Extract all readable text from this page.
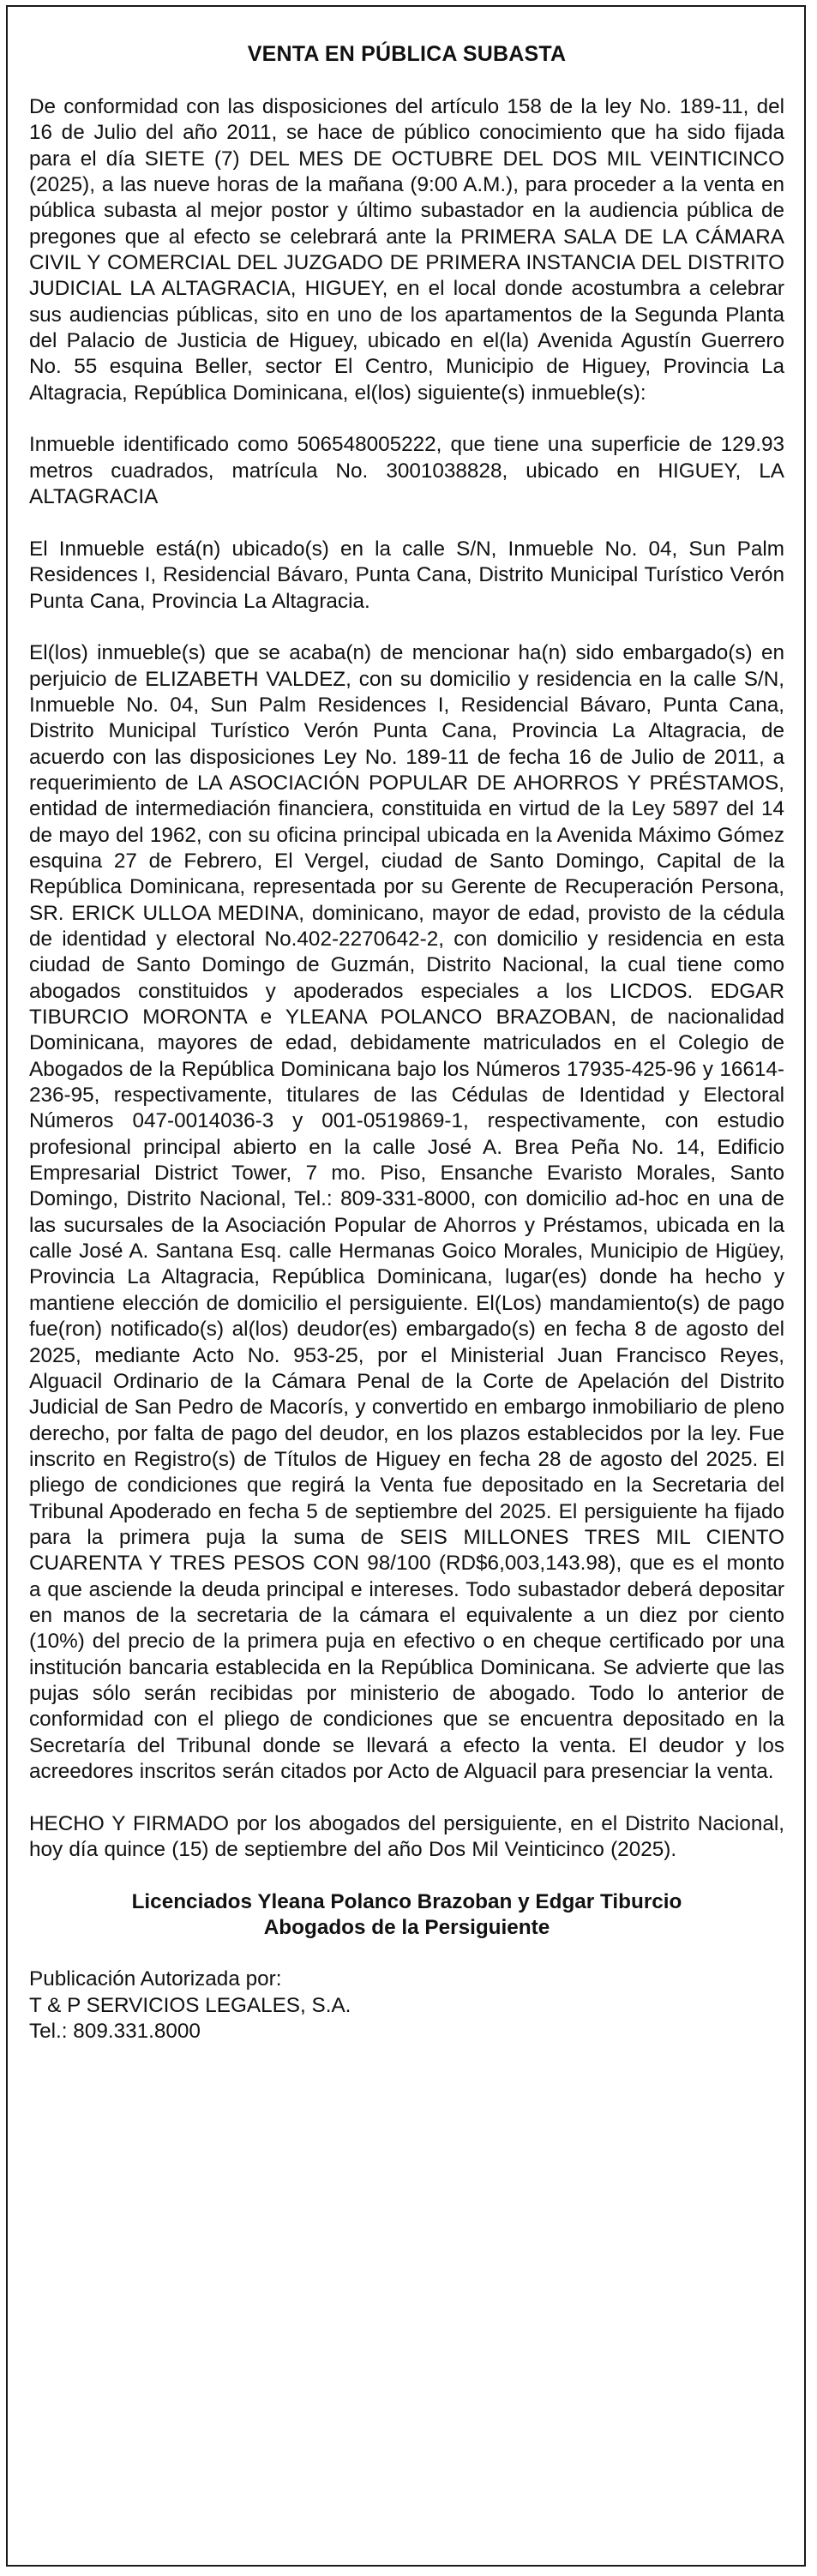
VENTA EN PÚBLICA SUBASTA

De conformidad con las disposiciones del artículo 158 de la ley No. 189-11, del 16 de Julio del año 2011, se hace de público conocimiento que ha sido fijada para el día SIETE (7) DEL MES DE OCTUBRE DEL DOS MIL VEINTICINCO (2025), a las nueve horas de la mañana (9:00 A.M.), para proceder a la venta en pública subasta al mejor postor y último subastador en la audiencia pública de pregones que al efecto se celebrará ante la PRIMERA SALA DE LA CÁMARA CIVIL Y COMERCIAL DEL JUZGADO DE PRIMERA INSTANCIA DEL DISTRITO JUDICIAL LA ALTAGRACIA, HIGUEY, en el local donde acostumbra a celebrar sus audiencias públicas, sito en uno de los apartamentos de la Segunda Planta del Palacio de Justicia de Higuey, ubicado en el(la) Avenida Agustín Guerrero No. 55 esquina Beller, sector El Centro, Municipio de Higuey, Provincia La Altagracia, República Dominicana, el(los) siguiente(s) inmueble(s):

Inmueble identificado como 506548005222, que tiene una superficie de 129.93 metros cuadrados, matrícula No. 3001038828, ubicado en HIGUEY, LA ALTAGRACIA

El Inmueble está(n) ubicado(s) en la calle S/N, Inmueble No. 04, Sun Palm Residences I, Residencial Bávaro, Punta Cana, Distrito Municipal Turístico Verón Punta Cana, Provincia La Altagracia.

El(los) inmueble(s) que se acaba(n) de mencionar ha(n) sido embargado(s) en perjuicio de ELIZABETH VALDEZ, con su domicilio y residencia en la calle S/N, Inmueble No. 04, Sun Palm Residences I, Residencial Bávaro, Punta Cana, Distrito Municipal Turístico Verón Punta Cana, Provincia La Altagracia, de acuerdo con las disposiciones Ley No. 189-11 de fecha 16 de Julio de 2011, a requerimiento de LA ASOCIACIÓN POPULAR DE AHORROS Y PRÉSTAMOS, entidad de intermediación financiera, constituida en virtud de la Ley 5897 del 14 de mayo del 1962, con su oficina principal ubicada en la Avenida Máximo Gómez esquina 27 de Febrero, El Vergel, ciudad de Santo Domingo, Capital de la República Dominicana, representada por su Gerente de Recuperación Persona, SR. ERICK ULLOA MEDINA, dominicano, mayor de edad, provisto de la cédula de identidad y electoral No.402-2270642-2, con domicilio y residencia en esta ciudad de Santo Domingo de Guzmán, Distrito Nacional, la cual tiene como abogados constituidos y apoderados especiales a los LICDOS. EDGAR TIBURCIO MORONTA e YLEANA POLANCO BRAZOBAN, de nacionalidad Dominicana, mayores de edad, debidamente matriculados en el Colegio de Abogados de la República Dominicana bajo los Números 17935-425-96 y 16614-236-95, respectivamente, titulares de las Cédulas de Identidad y Electoral Números 047-0014036-3 y 001-0519869-1, respectivamente, con estudio profesional principal abierto en la calle José A. Brea Peña No. 14, Edificio Empresarial District Tower, 7 mo. Piso, Ensanche Evaristo Morales, Santo Domingo, Distrito Nacional, Tel.: 809-331-8000, con domicilio ad-hoc en una de las sucursales de la Asociación Popular de Ahorros y Préstamos, ubicada en la calle José A. Santana Esq. calle Hermanas Goico Morales, Municipio de Higüey, Provincia La Altagracia, República Dominicana, lugar(es) donde ha hecho y mantiene elección de domicilio el persiguiente. El(Los) mandamiento(s) de pago fue(ron) notificado(s) al(los) deudor(es) embargado(s) en fecha 8 de agosto del 2025, mediante Acto No. 953-25, por el Ministerial Juan Francisco Reyes, Alguacil Ordinario de la Cámara Penal de la Corte de Apelación del Distrito Judicial de San Pedro de Macorís, y convertido en embargo inmobiliario de pleno derecho, por falta de pago del deudor, en los plazos establecidos por la ley. Fue inscrito en Registro(s) de Títulos de Higuey en fecha 28 de agosto del 2025. El pliego de condiciones que regirá la Venta fue depositado en la Secretaria del Tribunal Apoderado en fecha 5 de septiembre del 2025. El persiguiente ha fijado para la primera puja la suma de SEIS MILLONES TRES MIL CIENTO CUARENTA Y TRES PESOS CON 98/100 (RD$6,003,143.98), que es el monto a que asciende la deuda principal e intereses. Todo subastador deberá depositar en manos de la secretaria de la cámara el equivalente a un diez por ciento (10%) del precio de la primera puja en efectivo o en cheque certificado por una institución bancaria establecida en la República Dominicana. Se advierte que las pujas sólo serán recibidas por ministerio de abogado. Todo lo anterior de conformidad con el pliego de condiciones que se encuentra depositado en la Secretaría del Tribunal donde se llevará a efecto la venta. El deudor y los acreedores inscritos serán citados por Acto de Alguacil para presenciar la venta.

HECHO Y FIRMADO por los abogados del persiguiente, en el Distrito Nacional, hoy día quince (15) de septiembre del año Dos Mil Veinticinco (2025).

Licenciados Yleana Polanco Brazoban y Edgar Tiburcio
Abogados de la Persiguiente
Publicación Autorizada por:
T & P SERVICIOS LEGALES, S.A.
Tel.: 809.331.8000
